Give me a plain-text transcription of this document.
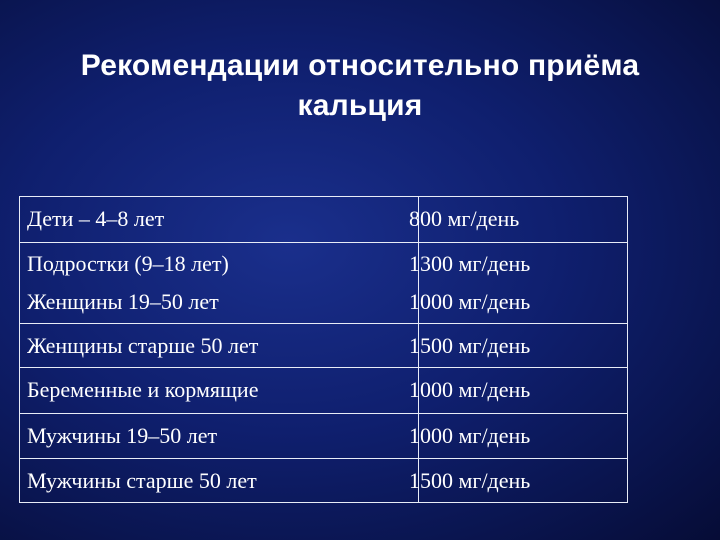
Рекомендации относительно приёма
кальция
Дети – 4–8 лет	800 мг/день
Подростки (9–18 лет)	1300 мг/день
Женщины 19–50 лет	1000 мг/день
Женщины старше 50 лет	1500 мг/день
Беременные и кормящие	1000 мг/день
Мужчины 19–50 лет	1000 мг/день
Мужчины старше 50 лет	1500 мг/день
